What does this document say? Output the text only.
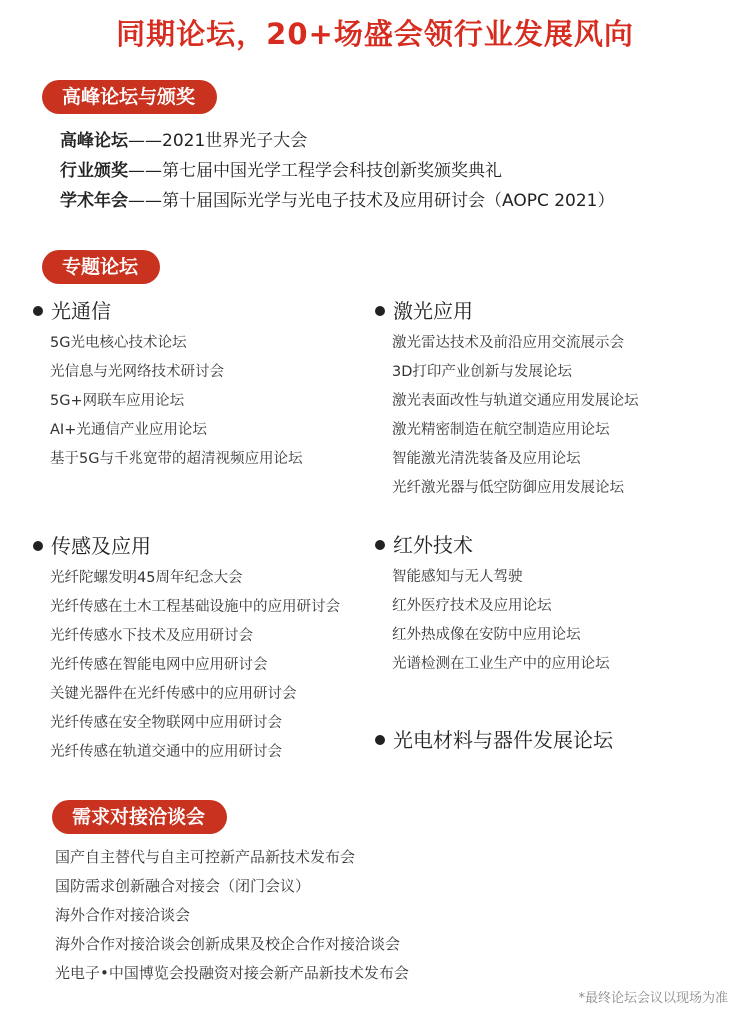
同期论坛，20+场盛会领行业发展风向
高峰论坛与颁奖
高峰论坛——2021世界光子大会
行业颁奖——第七届中国光学工程学会科技创新奖颁奖典礼
学术年会——第十届国际光学与光电子技术及应用研讨会（AOPC 2021）
专题论坛
光通信
5G光电核心技术论坛
光信息与光网络技术研讨会
5G+网联车应用论坛
AI+光通信产业应用论坛
基于5G与千兆宽带的超清视频应用论坛
激光应用
激光雷达技术及前沿应用交流展示会
3D打印产业创新与发展论坛
激光表面改性与轨道交通应用发展论坛
激光精密制造在航空制造应用论坛
智能激光清洗装备及应用论坛
光纤激光器与低空防御应用发展论坛
传感及应用
光纤陀螺发明45周年纪念大会
光纤传感在土木工程基础设施中的应用研讨会
光纤传感水下技术及应用研讨会
光纤传感在智能电网中应用研讨会
关键光器件在光纤传感中的应用研讨会
光纤传感在安全物联网中应用研讨会
光纤传感在轨道交通中的应用研讨会
红外技术
智能感知与无人驾驶
红外医疗技术及应用论坛
红外热成像在安防中应用论坛
光谱检测在工业生产中的应用论坛
光电材料与器件发展论坛
需求对接洽谈会
国产自主替代与自主可控新产品新技术发布会
国防需求创新融合对接会（闭门会议）
海外合作对接洽谈会
海外合作对接洽谈会创新成果及校企合作对接洽谈会
光电子•中国博览会投融资对接会新产品新技术发布会
*最终论坛会议以现场为准
